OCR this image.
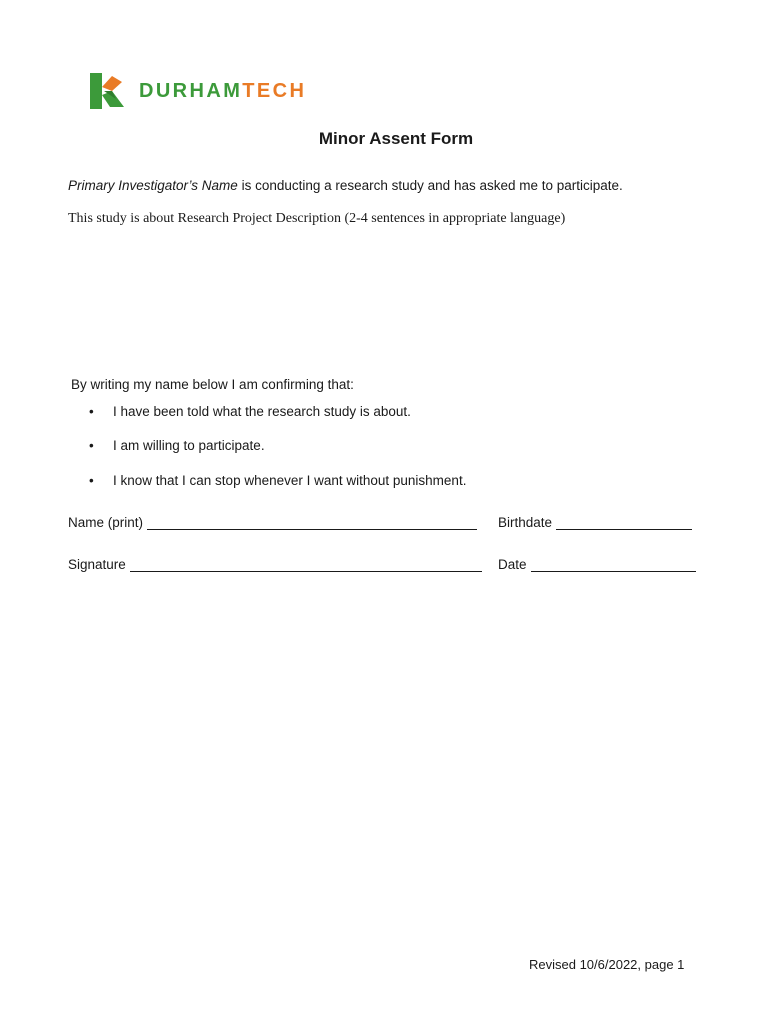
DURHAMTECH
Minor Assent Form
Primary Investigator’s Name is conducting a research study and has asked me to participate.
This study is about Research Project Description (2-4 sentences in appropriate language)
By writing my name below I am confirming that:
• I have been told what the research study is about.
• I am willing to participate.
• I know that I can stop whenever I want without punishment.
Name (print)	Birthdate
Signature	Date
Revised 10/6/2022, page 1
